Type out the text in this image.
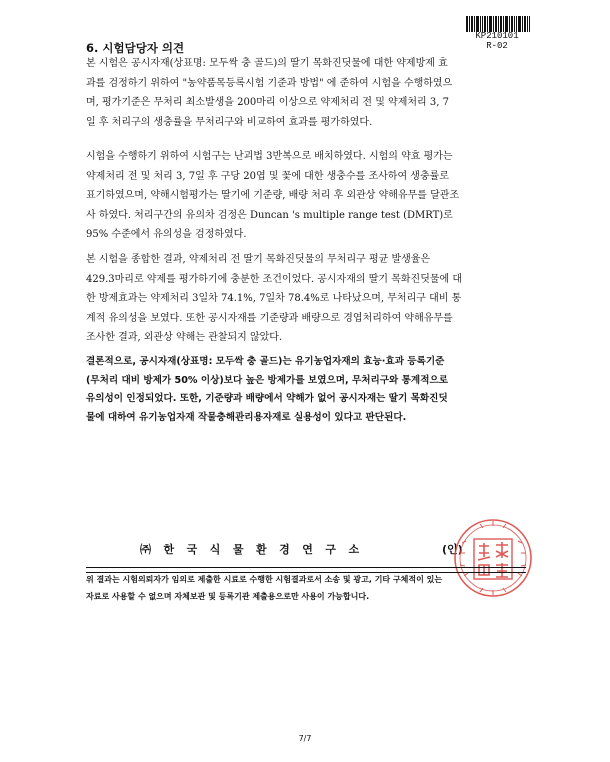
KP210101
R-02
6. 시험담당자 의견

본 시험은 공시자재(상표명: 모두싹 충 골드)의 딸기 목화진딧물에 대한 약제방제 효
과를 검정하기 위하여 "농약품목등록시험 기준과 방법" 에 준하여 시험을 수행하였으
며, 평가기준은 무처리 최소발생을 200마리 이상으로 약제처리 전 및 약제처리 3, 7
일 후 처리구의 생충률을 무처리구와 비교하여 효과를 평가하였다.

시험을 수행하기 위하여 시험구는 난괴법 3반복으로 배치하였다. 시험의 약효 평가는
약제처리 전 및 처리 3, 7일 후 구당 20엽 및 꽃에 대한 생충수를 조사하여 생충률로
표기하였으며, 약해시험평가는 딸기에 기준량, 배량 처리 후 외관상 약해유무를 달관조
사 하였다. 처리구간의 유의차 검정은 Duncan 's multiple range test (DMRT)로
95% 수준에서 유의성을 검정하였다.

본 시험을 종합한 결과, 약제처리 전 딸기 목화진딧물의 무처리구 평균 발생율은
429.3마리로 약제를 평가하기에 충분한 조건이었다. 공시자재의 딸기 목화진딧물에 대
한 방제효과는 약제처리 3일차 74.1%, 7일차 78.4%로 나타났으며, 무처리구 대비 통
계적 유의성을 보였다. 또한 공시자재를 기준량과 배량으로 경엽처리하여 약해유무를
조사한 결과, 외관상 약해는 관찰되지 않았다.

결론적으로, 공시자재(상표명: 모두싹 충 골드)는 유기농업자재의 효능·효과 등록기준
(무처리 대비 방제가 50% 이상)보다 높은 방제가를 보였으며, 무처리구와 통계적으로
유의성이 인정되었다. 또한, 기준량과 배량에서 약해가 없어 공시자재는 딸기 목화진딧
물에 대하여 유기농업자재 작물충해관리용자재로 실용성이 있다고 판단된다.

㈜한국식물환경연구소	(인)

위 결과는 시험의뢰자가 임의로 제출한 시료로 수행한 시험결과로서 소송 및 광고, 기타 구체적이 있는
자료로 사용할 수 없으며 자체보관 및 등록기관 제출용으로만 사용이 가능합니다.

7/7
